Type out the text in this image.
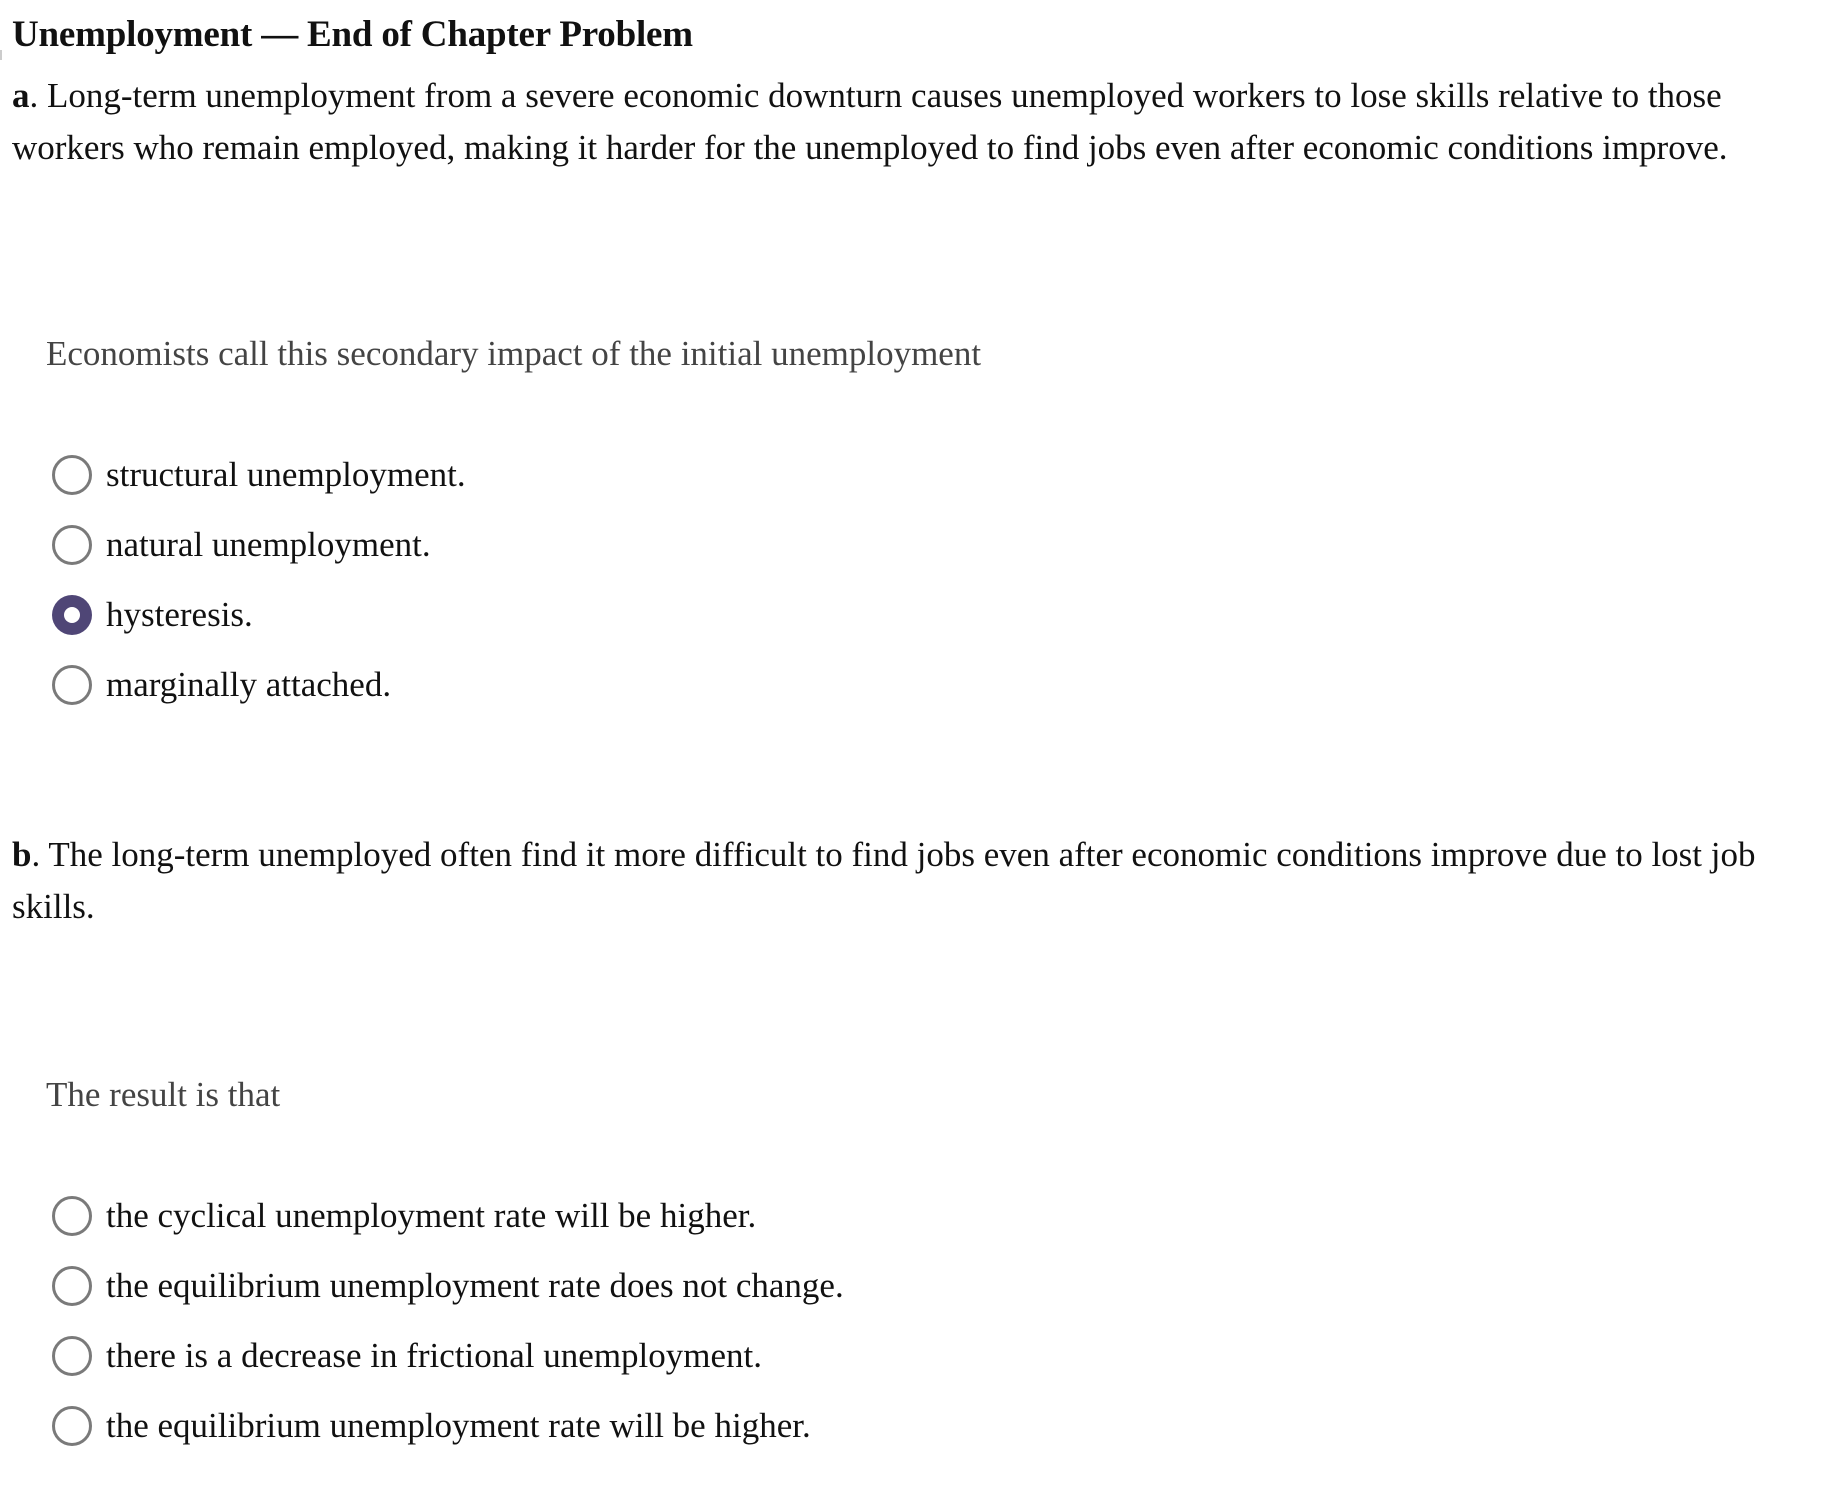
Unemployment — End of Chapter Problem

a. Long-term unemployment from a severe economic downturn causes unemployed workers to lose skills relative to those workers who remain employed, making it harder for the unemployed to find jobs even after economic conditions improve.

Economists call this secondary impact of the initial unemployment

structural unemployment.
natural unemployment.
hysteresis.
marginally attached.

b. The long-term unemployed often find it more difficult to find jobs even after economic conditions improve due to lost job skills.

The result is that

the cyclical unemployment rate will be higher.
the equilibrium unemployment rate does not change.
there is a decrease in frictional unemployment.
the equilibrium unemployment rate will be higher.
